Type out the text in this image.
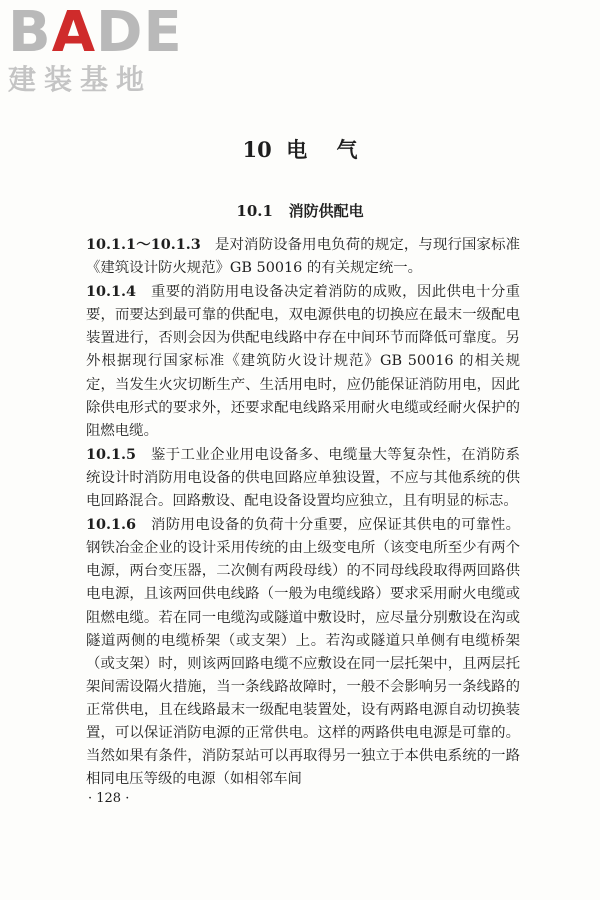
BADE
建装基地
10  电    气
10.1   消防供配电

10.1.1～10.1.3 是对消防设备用电负荷的规定，与现行国家标准《建筑设计防火规范》GB 50016 的有关规定统一。

10.1.4 重要的消防用电设备决定着消防的成败，因此供电十分重要，而要达到最可靠的供配电，双电源供电的切换应在最末一级配电装置进行，否则会因为供配电线路中存在中间环节而降低可靠度。另外根据现行国家标准《建筑防火设计规范》GB 50016 的相关规定，当发生火灾切断生产、生活用电时，应仍能保证消防用电，因此除供电形式的要求外，还要求配电线路采用耐火电缆或经耐火保护的阻燃电缆。

10.1.5 鉴于工业企业用电设备多、电缆量大等复杂性，在消防系统设计时消防用电设备的供电回路应单独设置，不应与其他系统的供电回路混合。回路敷设、配电设备设置均应独立，且有明显的标志。

10.1.6 消防用电设备的负荷十分重要，应保证其供电的可靠性。钢铁冶金企业的设计采用传统的由上级变电所（该变电所至少有两个电源，两台变压器，二次侧有两段母线）的不同母线段取得两回路供电电源，且该两回供电线路（一般为电缆线路）要求采用耐火电缆或阻燃电缆。若在同一电缆沟或隧道中敷设时，应尽量分别敷设在沟或隧道两侧的电缆桥架（或支架）上。若沟或隧道只单侧有电缆桥架（或支架）时，则该两回路电缆不应敷设在同一层托架中，且两层托架间需设隔火措施，当一条线路故障时，一般不会影响另一条线路的正常供电，且在线路最末一级配电装置处，设有两路电源自动切换装置，可以保证消防电源的正常供电。这样的两路供电电源是可靠的。当然如果有条件，消防泵站可以再取得另一独立于本供电系统的一路相同电压等级的电源（如相邻车间

· 128 ·
